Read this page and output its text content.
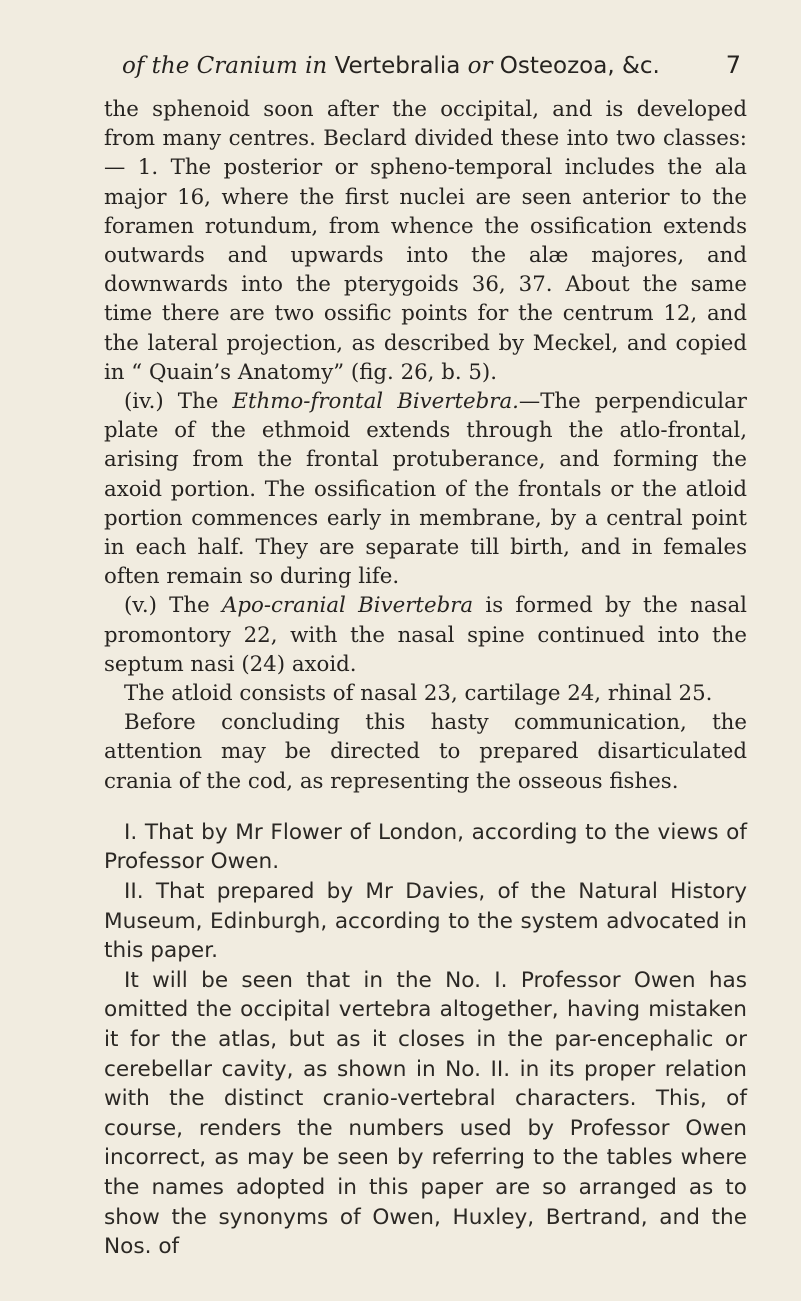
of the Cranium in Vertebralia or Osteozoa, &c.	7

the sphenoid soon after the occipital, and is developed from many centres. Beclard divided these into two classes:— 1. The posterior or spheno-temporal includes the ala major 16, where the first nuclei are seen anterior to the foramen rotundum, from whence the ossification extends outwards and upwards into the alæ majores, and downwards into the pterygoids 36, 37. About the same time there are two ossific points for the centrum 12, and the lateral projection, as described by Meckel, and copied in “ Quain’s Anatomy” (fig. 26, b. 5).

(iv.) The Ethmo-frontal Bivertebra.—The perpendicular plate of the ethmoid extends through the atlo-frontal, arising from the frontal protuberance, and forming the axoid portion. The ossification of the frontals or the atloid portion commences early in membrane, by a central point in each half. They are separate till birth, and in females often remain so during life.

(v.) The Apo-cranial Bivertebra is formed by the nasal promontory 22, with the nasal spine continued into the septum nasi (24) axoid.

The atloid consists of nasal 23, cartilage 24, rhinal 25.

Before concluding this hasty communication, the attention may be directed to prepared disarticulated crania of the cod, as representing the osseous fishes.

I. That by Mr Flower of London, according to the views of Professor Owen.

II. That prepared by Mr Davies, of the Natural History Museum, Edinburgh, according to the system advocated in this paper.

It will be seen that in the No. I. Professor Owen has omitted the occipital vertebra altogether, having mistaken it for the atlas, but as it closes in the par-encephalic or cerebellar cavity, as shown in No. II. in its proper relation with the distinct cranio-vertebral characters. This, of course, renders the numbers used by Professor Owen incorrect, as may be seen by referring to the tables where the names adopted in this paper are so arranged as to show the synonyms of Owen, Huxley, Bertrand, and the Nos. of
